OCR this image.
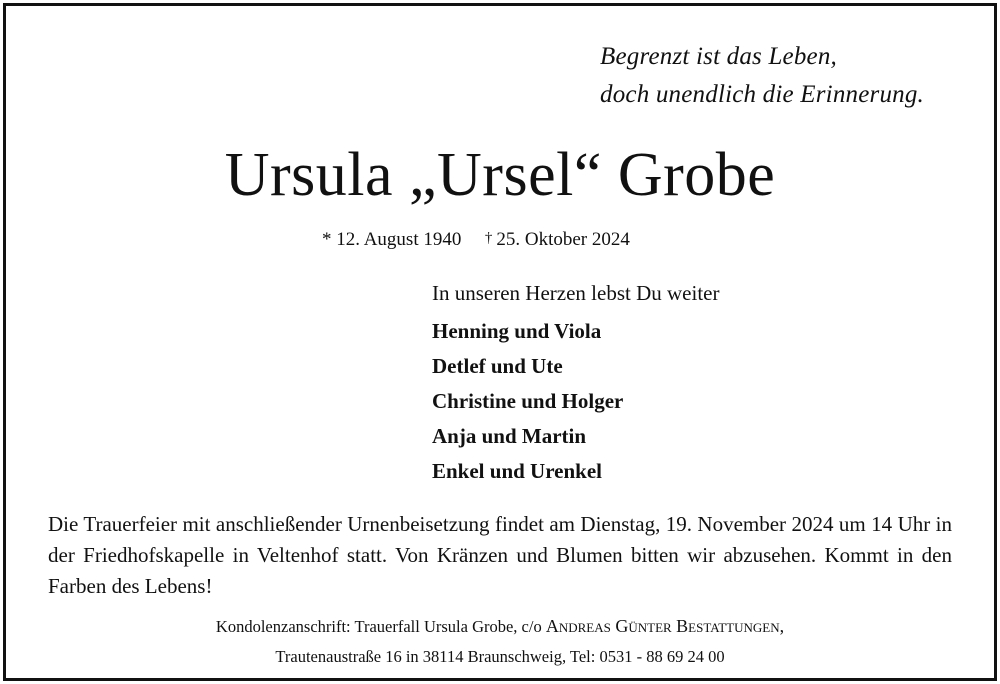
Begrenzt ist das Leben,
doch unendlich die Erinnerung.
Ursula „Ursel“ Grobe
* 12. August 1940 † 25. Oktober 2024
In unseren Herzen lebst Du weiter
Henning und Viola
Detlef und Ute
Christine und Holger
Anja und Martin
Enkel und Urenkel
Die Trauerfeier mit anschließender Urnenbeisetzung findet am Dienstag, 19. November 2024 um 14 Uhr in der Friedhofskapelle in Veltenhof statt. Von Kränzen und Blumen bitten wir abzusehen. Kommt in den Farben des Lebens!
Kondolenzanschrift: Trauerfall Ursula Grobe, c/o Andreas Günter Bestattungen,
Trautenaustraße 16 in 38114 Braunschweig, Tel: 0531 - 88 69 24 00
